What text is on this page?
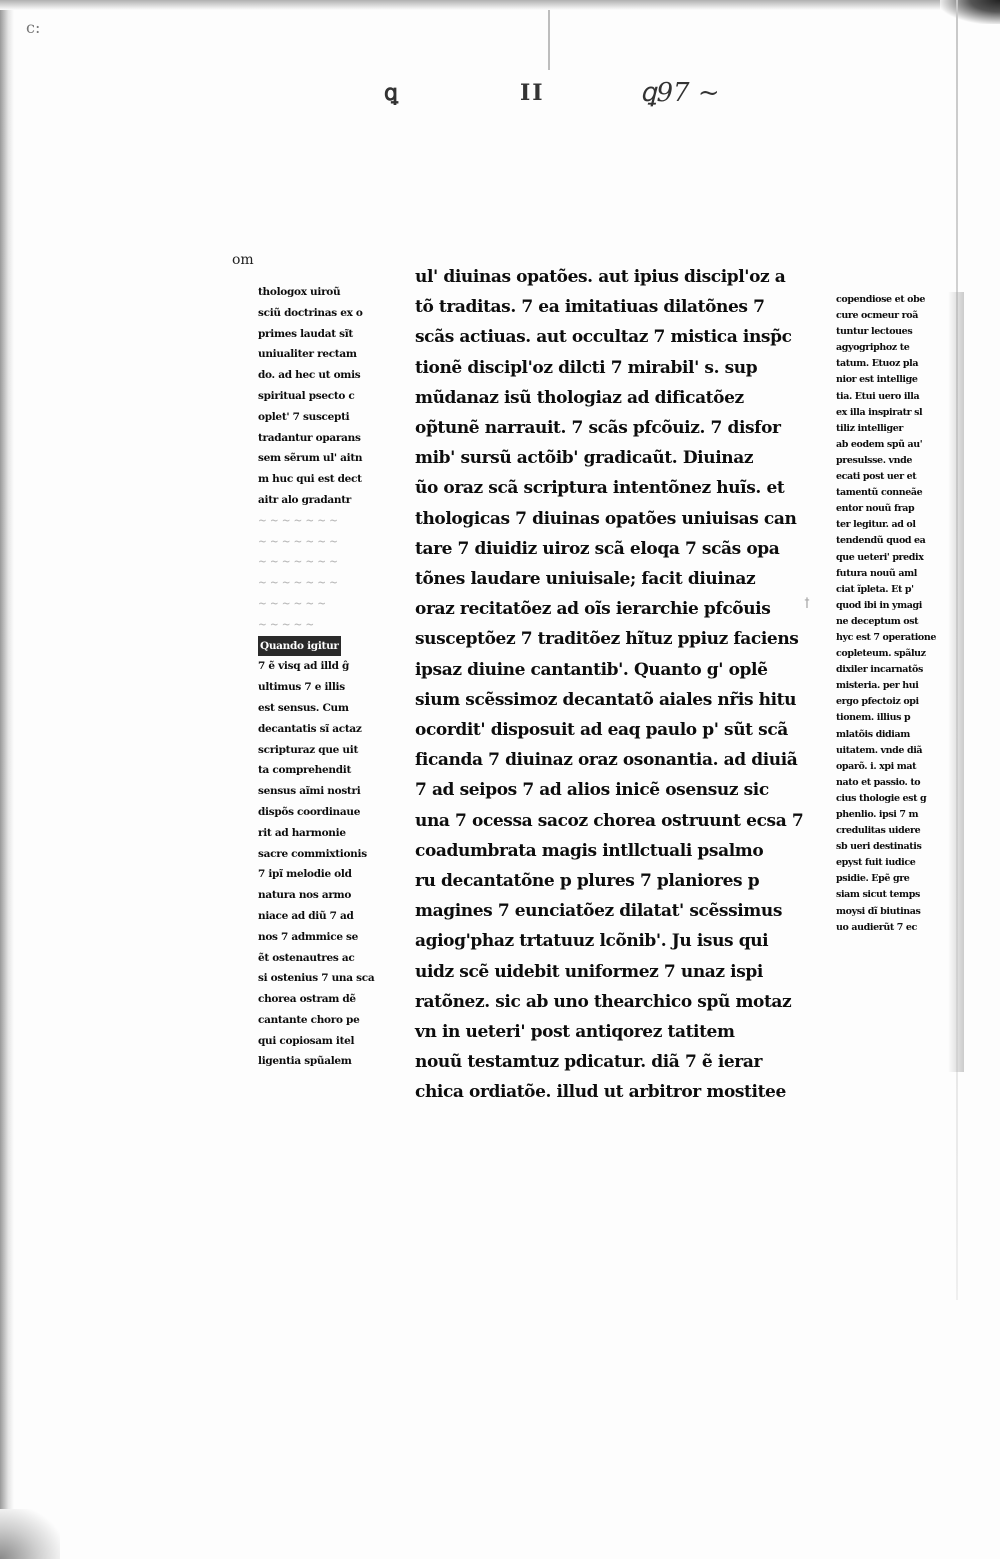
c:
ꝗ	II	ꝗ97 ~
om
ꝉ
thologox uiroũ
sciũ doctrinas ex o
primes laudat sĩt
uniualiter rectam
do. ad hec ut omis
spiritual psecto c
oplet' 7 suscepti
tradantur oparans
sem sẽrum ul' aitn
m huc qui est dect
aitr alo gradantr
~ ~ ~ ~ ~ ~ ~
~ ~ ~ ~ ~ ~ ~
~ ~ ~ ~ ~ ~ ~
~ ~ ~ ~ ~ ~ ~
~ ~ ~ ~ ~ ~
~ ~ ~ ~ ~
Quando igitur
7 ẽ visq ad illd ĝ
ultimus 7 e illis
est sensus. Cum
decantatis sĩ actaz
scripturaz que uit
ta comprehendit
sensus aĩmi nostri
dispõs coordinaue
rit ad harmonie
sacre commixtionis
7 ipĩ melodie old
natura nos armo
niace ad diũ 7 ad
nos 7 admmice se
ẽt ostenautres ac
si ostenius 7 una sca
chorea ostram dẽ
cantante choro pe
qui copiosam itel
ligentia spũalem
ul' diuinas opatões. aut ipius discipl'oz a
tõ traditas. 7 ea imitatiuas dilatõnes 7
scãs actiuas. aut occultaz 7 mistica insp̃c
tionẽ discipl'oz dilcti 7 mirabil' s. sup
mũdanaz isũ thologiaz ad dificatõez
op̃tunẽ narrauit. 7 scãs pfcõuiz. 7 disfor
mib' sursũ actõib' gradicaũt. Diuinaz
ũo oraz scã scriptura intentõnez huĩs. et
thologicas 7 diuinas opatões uniuisas can
tare 7 diuidiz uiroz scã eloqa 7 scãs opa
tõnes laudare uniuisale; facit diuinaz
oraz recitatõez ad oĩs ierarchie pfcõuis
susceptõez 7 traditõez hĩtuz ppiuz faciens
ipsaz diuine cantantib'. Quanto g' oplẽ
sium scẽssimoz decantatõ aiales nr̃is hitu
ocordit' disposuit ad eaq paulo p' sũt scã
ficanda 7 diuinaz oraz osonantia. ad diuiã
7 ad seipos 7 ad alios inicẽ osensuz sic
una 7 ocessa sacoz chorea ostruunt ecsa 7
coadumbrata magis intllctuali psalmo
ru decantatõne p plures 7 planiores p
magines 7 eunciatõez dilatat' scẽssimus
agiog'phaz trtatuuz lcõnib'. Ju isus qui
uidz scẽ uidebit uniformez 7 unaz ispi
ratõnez. sic ab uno thearchico spũ motaz
vn in ueteri' post antiqorez tatitem
nouũ testamtuz pdicatur. diã 7 ẽ ierar
chica ordiatõe. illud ut arbitror mostitee
copendiose et obe
cure ocmeur roã
tuntur lectoues
agyogriphoz te
tatum. Etuoz pla
nior est intellige
tia. Etui uero illa
ex illa inspiratr sl
tiliz intelliger
ab eodem spũ au'
presulsse. vnde
ecati post uer et
tamentũ conneãe
entor nouũ frap
ter legitur. ad ol
tendendũ quod ea
que ueteri' predix
futura nouũ aml
ciat ĩpleta. Et p'
quod ibi in ymagi
ne deceptum ost
hyc est 7 operatione
copleteum. spãluz
dixiler incarnatõs
misteria. per hui
ergo pfectoiz opi
tionem. illius p
mlatõis didiam
uitatem. vnde diã
oparõ. i. xpi mat
nato et passio. to
cius thologie est g
phenlio. ipsi 7 m
credulitas uidere
sb ueri destinatis
epyst fuit iudice
psidie. Epẽ gre
siam sicut temps
moysi dĩ biutinas
uo audierũt 7 ec
